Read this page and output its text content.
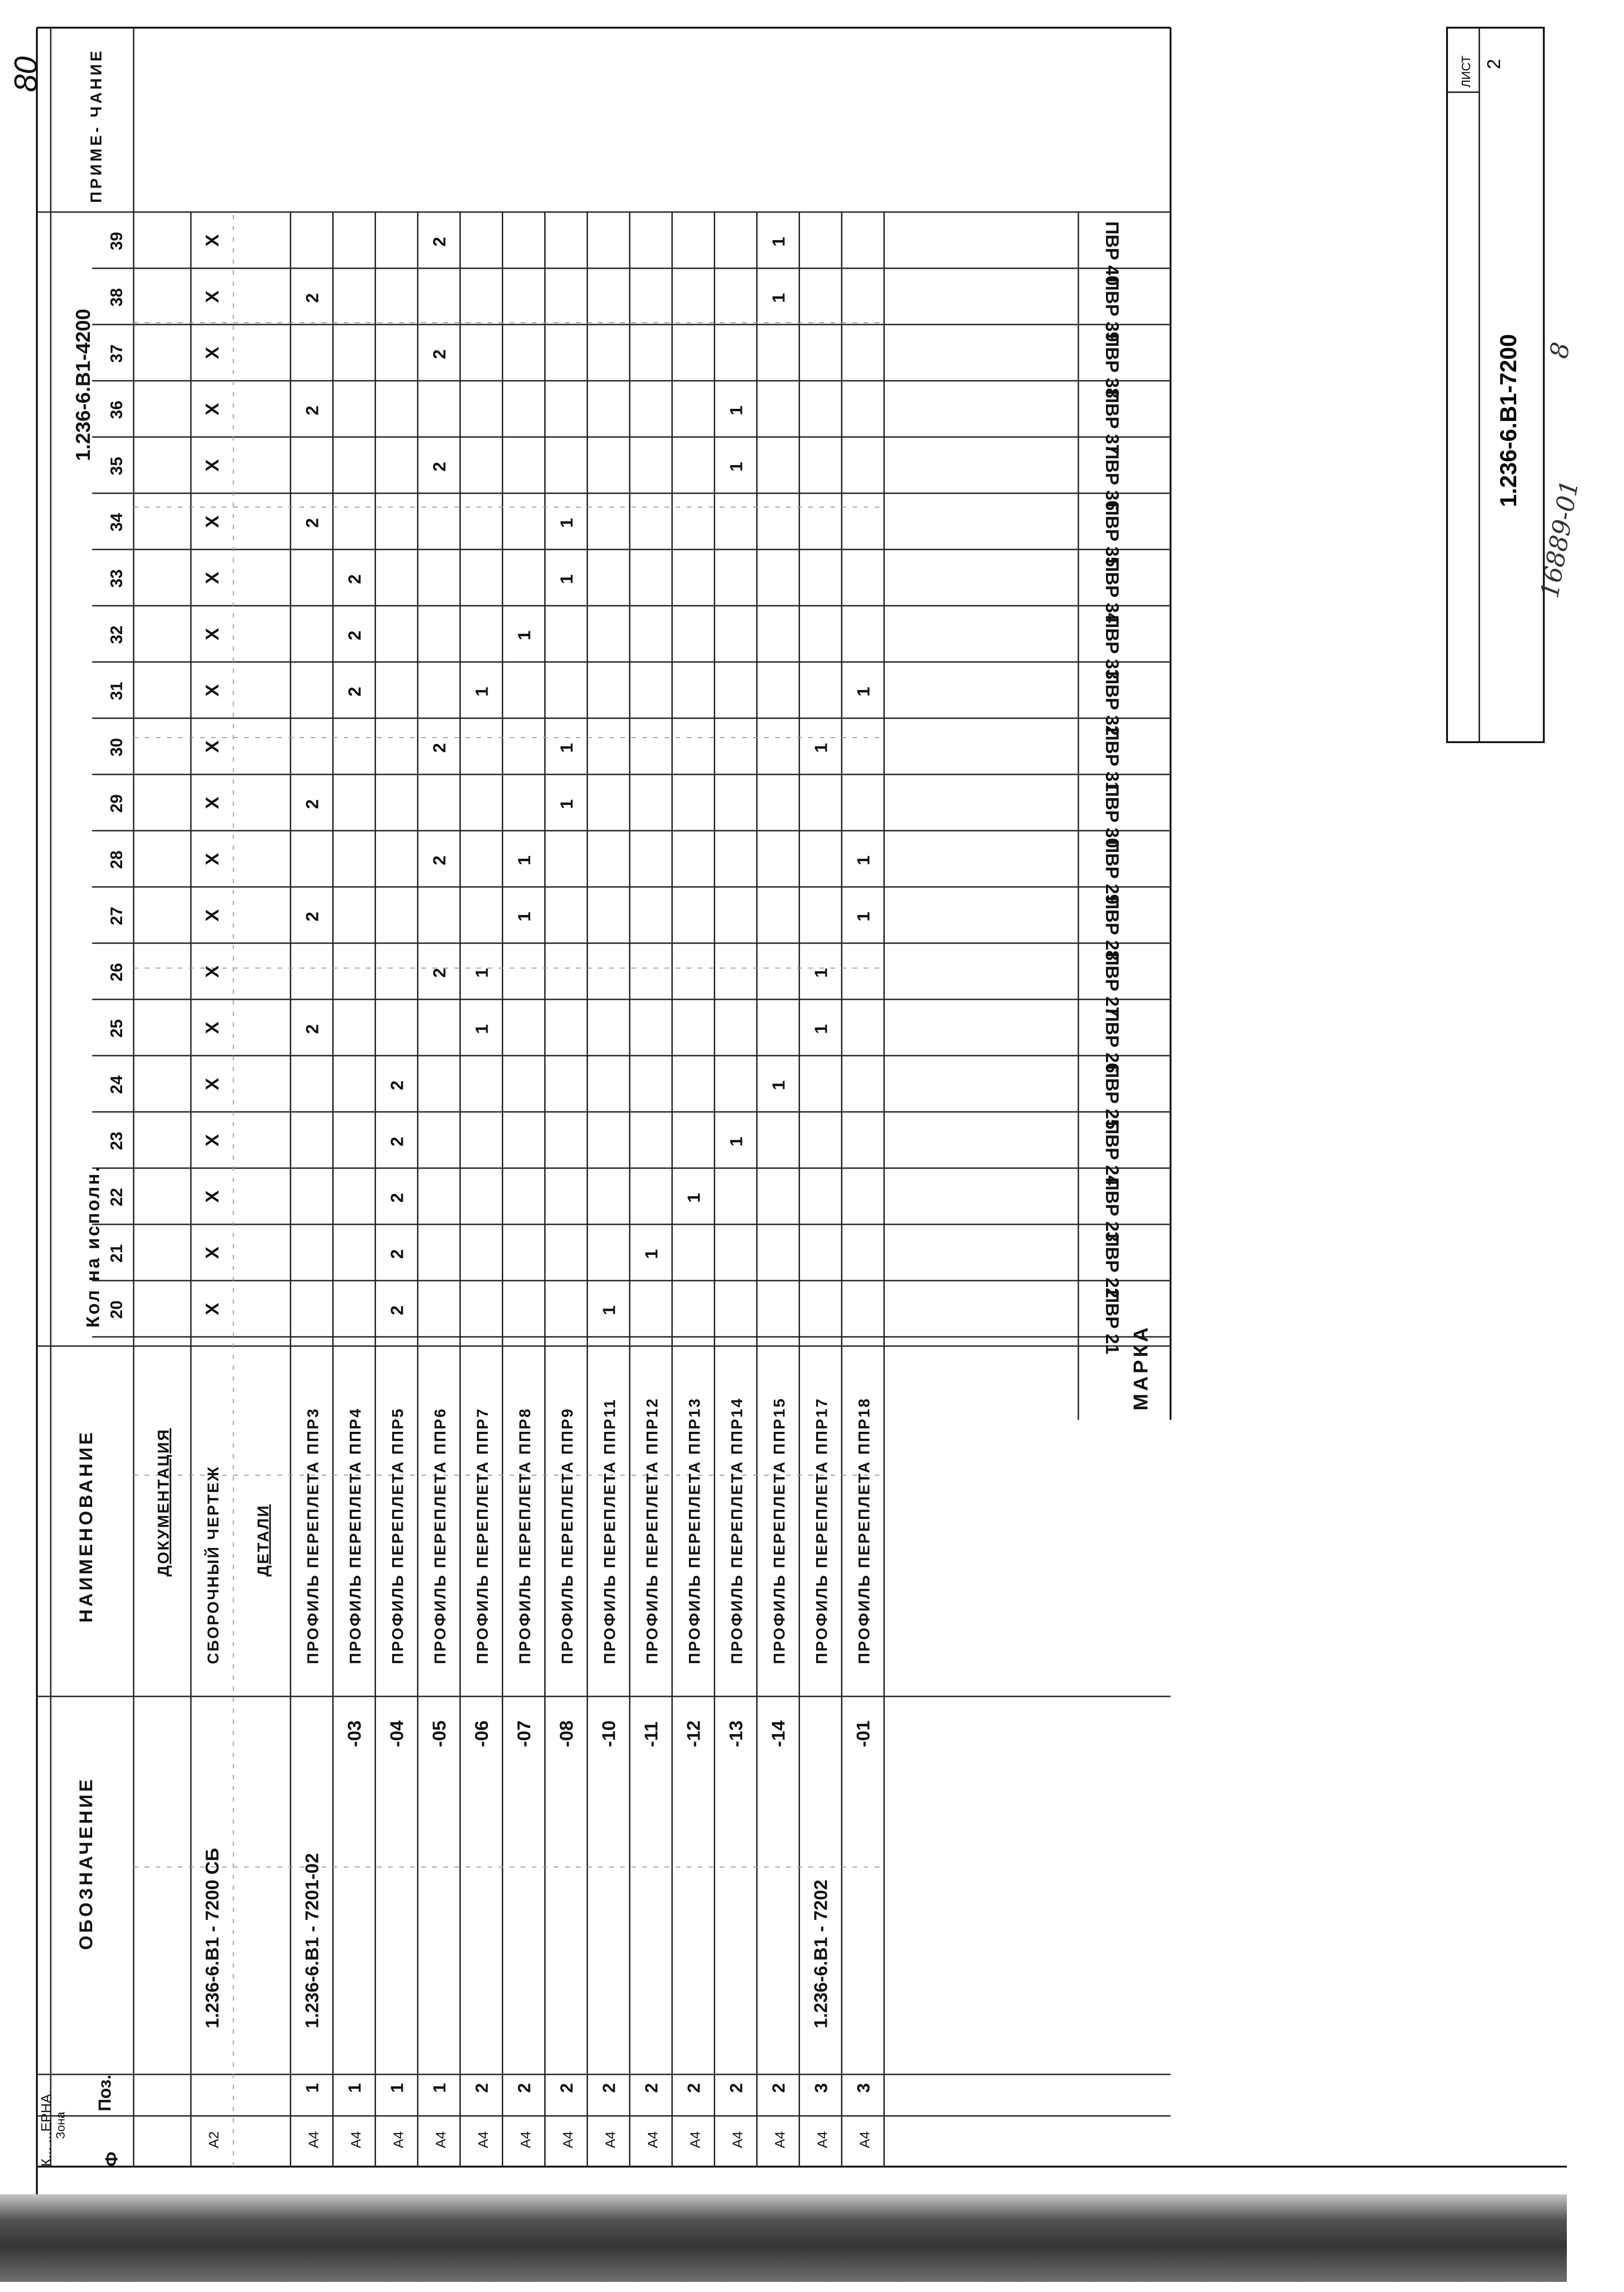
Ф
Зона
Поз.
ОБОЗНАЧЕНИЕ
НАИМЕНОВАНИЕ
Кол на исполн.
1.236-6.В1-4200
ПРИМЕ- ЧАНИЕ
К... ...ЕРНА
МАРКА
80
20
21
22
23
24
25
26
27
28
29
30
31
32
33
34
35
36
37
38
39
ПВР 21
ПВР 22
ПВР 23
ПВР 24
ПВР 25
ПВР 26
ПВР 27
ПВР 28
ПВР 29
ПВР 30
ПВР 31
ПВР 32
ПВР 33
ПВР 34
ПВР 35
ПВР 36
ПВР 37
ПВР 38
ПВР 39
ПВР 40
ДОКУМЕНТАЦИЯ
А2
1.236-6.В1 - 7200 СБ
СБОРОЧНЫЙ ЧЕРТЕЖ
X
X
X
X
X
X
X
X
X
X
X
X
X
X
X
X
X
X
X
X
ДЕТАЛИ
А4
1
1.236-6.В1 - 7201-02
ПРОФИЛЬ ПЕРЕПЛЕТА ППР3
2
2
2
2
2
2
А4
1
-03
ПРОФИЛЬ ПЕРЕПЛЕТА ППР4
2
2
2
А4
1
-04
ПРОФИЛЬ ПЕРЕПЛЕТА ППР5
2
2
2
2
2
А4
1
-05
ПРОФИЛЬ ПЕРЕПЛЕТА ППР6
2
2
2
2
2
2
А4
2
-06
ПРОФИЛЬ ПЕРЕПЛЕТА ППР7
1
1
1
А4
2
-07
ПРОФИЛЬ ПЕРЕПЛЕТА ППР8
1
1
1
А4
2
-08
ПРОФИЛЬ ПЕРЕПЛЕТА ППР9
1
1
1
1
А4
2
-10
ПРОФИЛЬ ПЕРЕПЛЕТА ППР11
1
А4
2
-11
ПРОФИЛЬ ПЕРЕПЛЕТА ППР12
1
А4
2
-12
ПРОФИЛЬ ПЕРЕПЛЕТА ППР13
1
А4
2
-13
ПРОФИЛЬ ПЕРЕПЛЕТА ППР14
1
1
1
А4
2
-14
ПРОФИЛЬ ПЕРЕПЛЕТА ППР15
1
1
1
А4
3
1.236-6.В1 - 7202
ПРОФИЛЬ ПЕРЕПЛЕТА ППР17
1
1
1
А4
3
-01
ПРОФИЛЬ ПЕРЕПЛЕТА ППР18
1
1
1
ЛИСТ 2
1.236-6.В1-7200
16889-01
8
